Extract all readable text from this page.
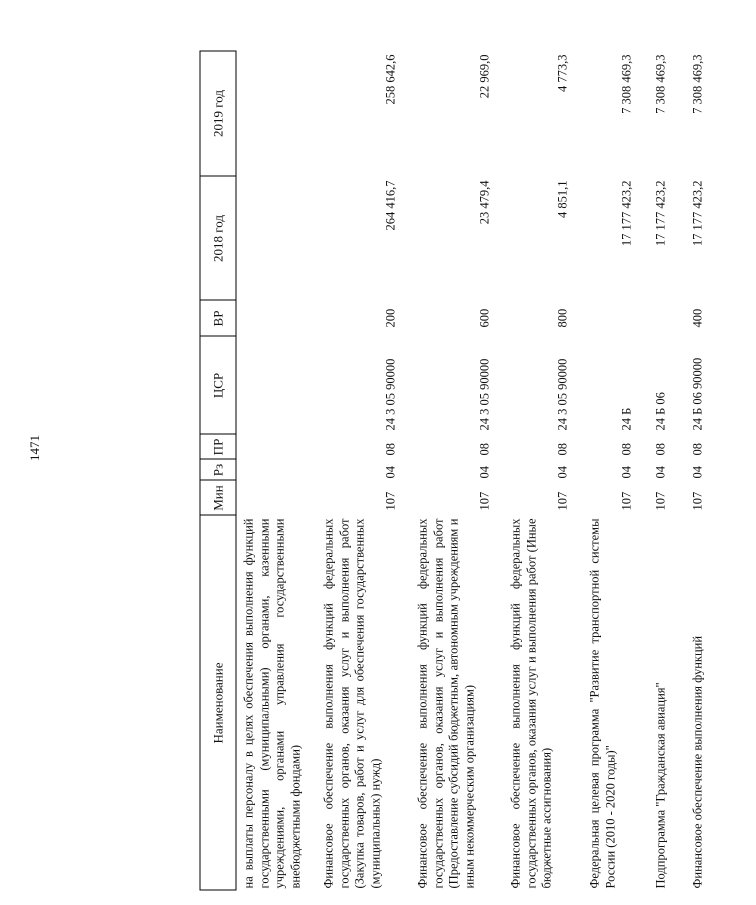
1471
Наименование
Мин
Рз
ПР
ЦСР
ВР
2018 год
2019 год
на выплаты персоналу в целях обеспечения выполнения функций государственными (муниципальными) органами, казенными учреждениями, органами управления государственными внебюджетными фондами) Финансовое обеспечение выполнения функций федеральных государственных органов, оказания услуг и выполнения работ (Закупка товаров, работ и услуг для обеспечения государственных (муниципальных) нужд)
107
04
08
24 3 05 90000
200
264 416,7
258 642,6
Финансовое обеспечение выполнения функций федеральных государственных органов, оказания услуг и выполнения работ (Предоставление субсидий бюджетным, автономным учреждениям и иным некоммерческим организациям)
107
04
08
24 3 05 90000
600
23 479,4
22 969,0
Финансовое обеспечение выполнения функций федеральных государственных органов, оказания услуг и выполнения работ (Иные бюджетные ассигнования)
107
04
08
24 3 05 90000
800
4 851,1
4 773,3
Федеральная целевая программа "Развитие транспортной системы России (2010 - 2020 годы)"
107
04
08
24 Б
17 177 423,2
7 308 469,3
Подпрограмма "Гражданская авиация"
107
04
08
24 Б 06
17 177 423,2
7 308 469,3
Финансовое обеспечение выполнения функций
107
04
08
24 Б 06 90000
400
17 177 423,2
7 308 469,3
